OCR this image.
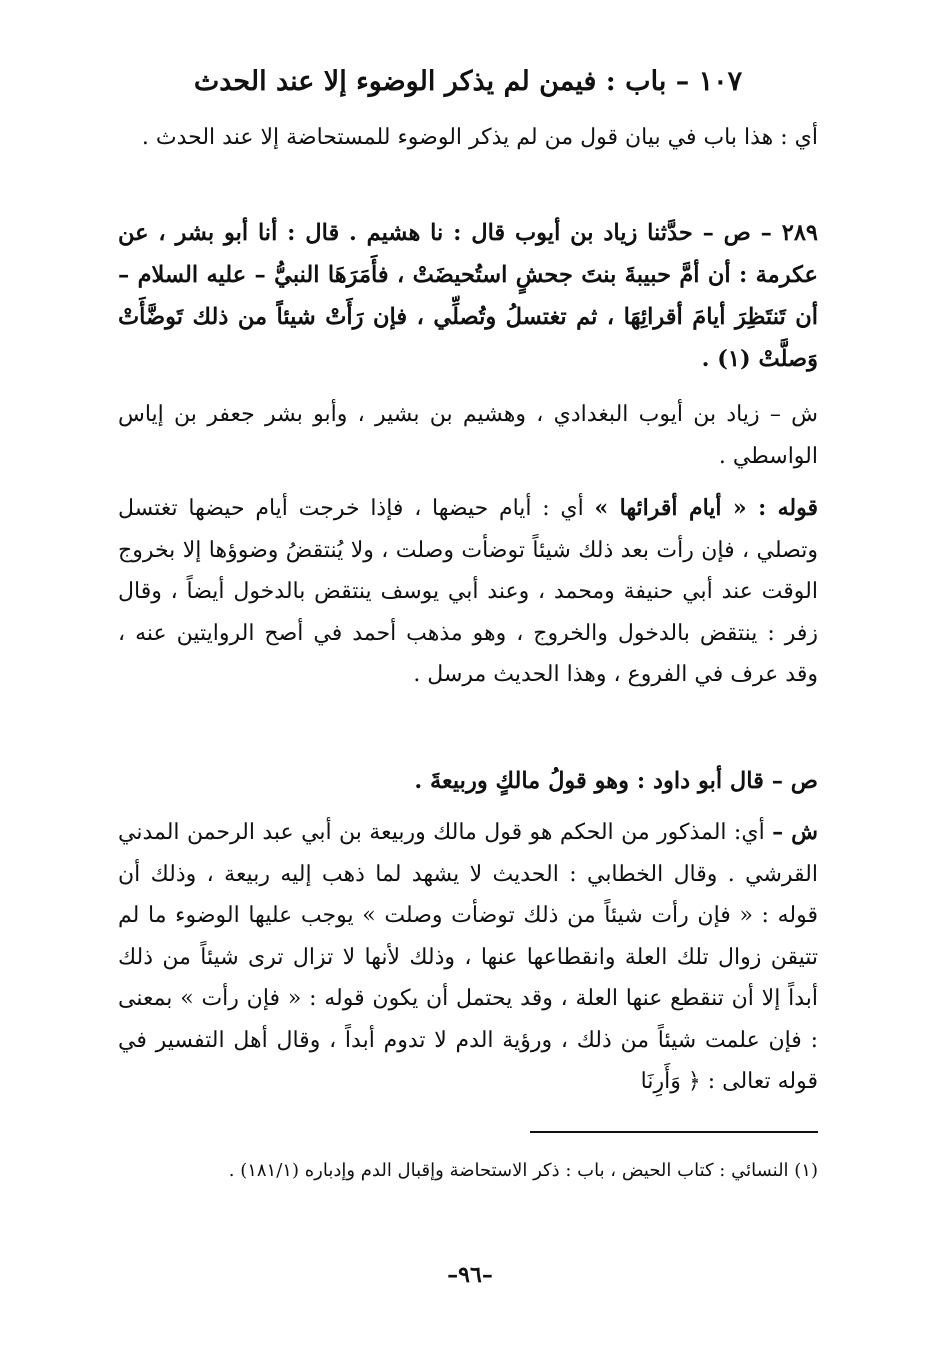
١٠٧ – باب : فيمن لم يذكر الوضوء إلا عند الحدث

أي : هذا باب في بيان قول من لم يذكر الوضوء للمستحاضة إلا عند الحدث .

٢٨٩ – ص – حدَّثنا زياد بن أيوب قال : نا هشيم . قال : أنا أبو بشر ، عن عكرمة : أن أمَّ حبيبةَ بنتَ جحشٍ استُحيضَتْ ، فأَمَرَهَا النبيُّ – عليه السلام – أن تَنتَظِرَ أيامَ أقرائِهَا ، ثم تغتسلُ وتُصلِّي ، فإن رَأَتْ شيئاً من ذلك تَوضَّأَتْ وَصلَّتْ (١) .

ش – زياد بن أيوب البغدادي ، وهشيم بن بشير ، وأبو بشر جعفر بن إياس الواسطي .

قوله : « أيام أقرائها » أي : أيام حيضها ، فإذا خرجت أيام حيضها تغتسل وتصلي ، فإن رأت بعد ذلك شيئاً توضأت وصلت ، ولا يُنتقضُ وضوؤها إلا بخروج الوقت عند أبي حنيفة ومحمد ، وعند أبي يوسف ينتقض بالدخول أيضاً ، وقال زفر : ينتقض بالدخول والخروج ، وهو مذهب أحمد في أصح الروايتين عنه ، وقد عرف في الفروع ، وهذا الحديث مرسل .

ص – قال أبو داود : وهو قولُ مالكٍ وربيعةَ .

ش – أي: المذكور من الحكم هو قول مالك وربيعة بن أبي عبد الرحمن المدني القرشي . وقال الخطابي : الحديث لا يشهد لما ذهب إليه ربيعة ، وذلك أن قوله : « فإن رأت شيئاً من ذلك توضأت وصلت » يوجب عليها الوضوء ما لم تتيقن زوال تلك العلة وانقطاعها عنها ، وذلك لأنها لا تزال ترى شيئاً من ذلك أبداً إلا أن تنقطع عنها العلة ، وقد يحتمل أن يكون قوله : « فإن رأت » بمعنى : فإن علمت شيئاً من ذلك ، ورؤية الدم لا تدوم أبداً ، وقال أهل التفسير في قوله تعالى : ﴿ وَأَرِنَا

(١) النسائي : كتاب الحيض ، باب : ذكر الاستحاضة وإقبال الدم وإدباره (١٨١/١) .
–٩٦–
